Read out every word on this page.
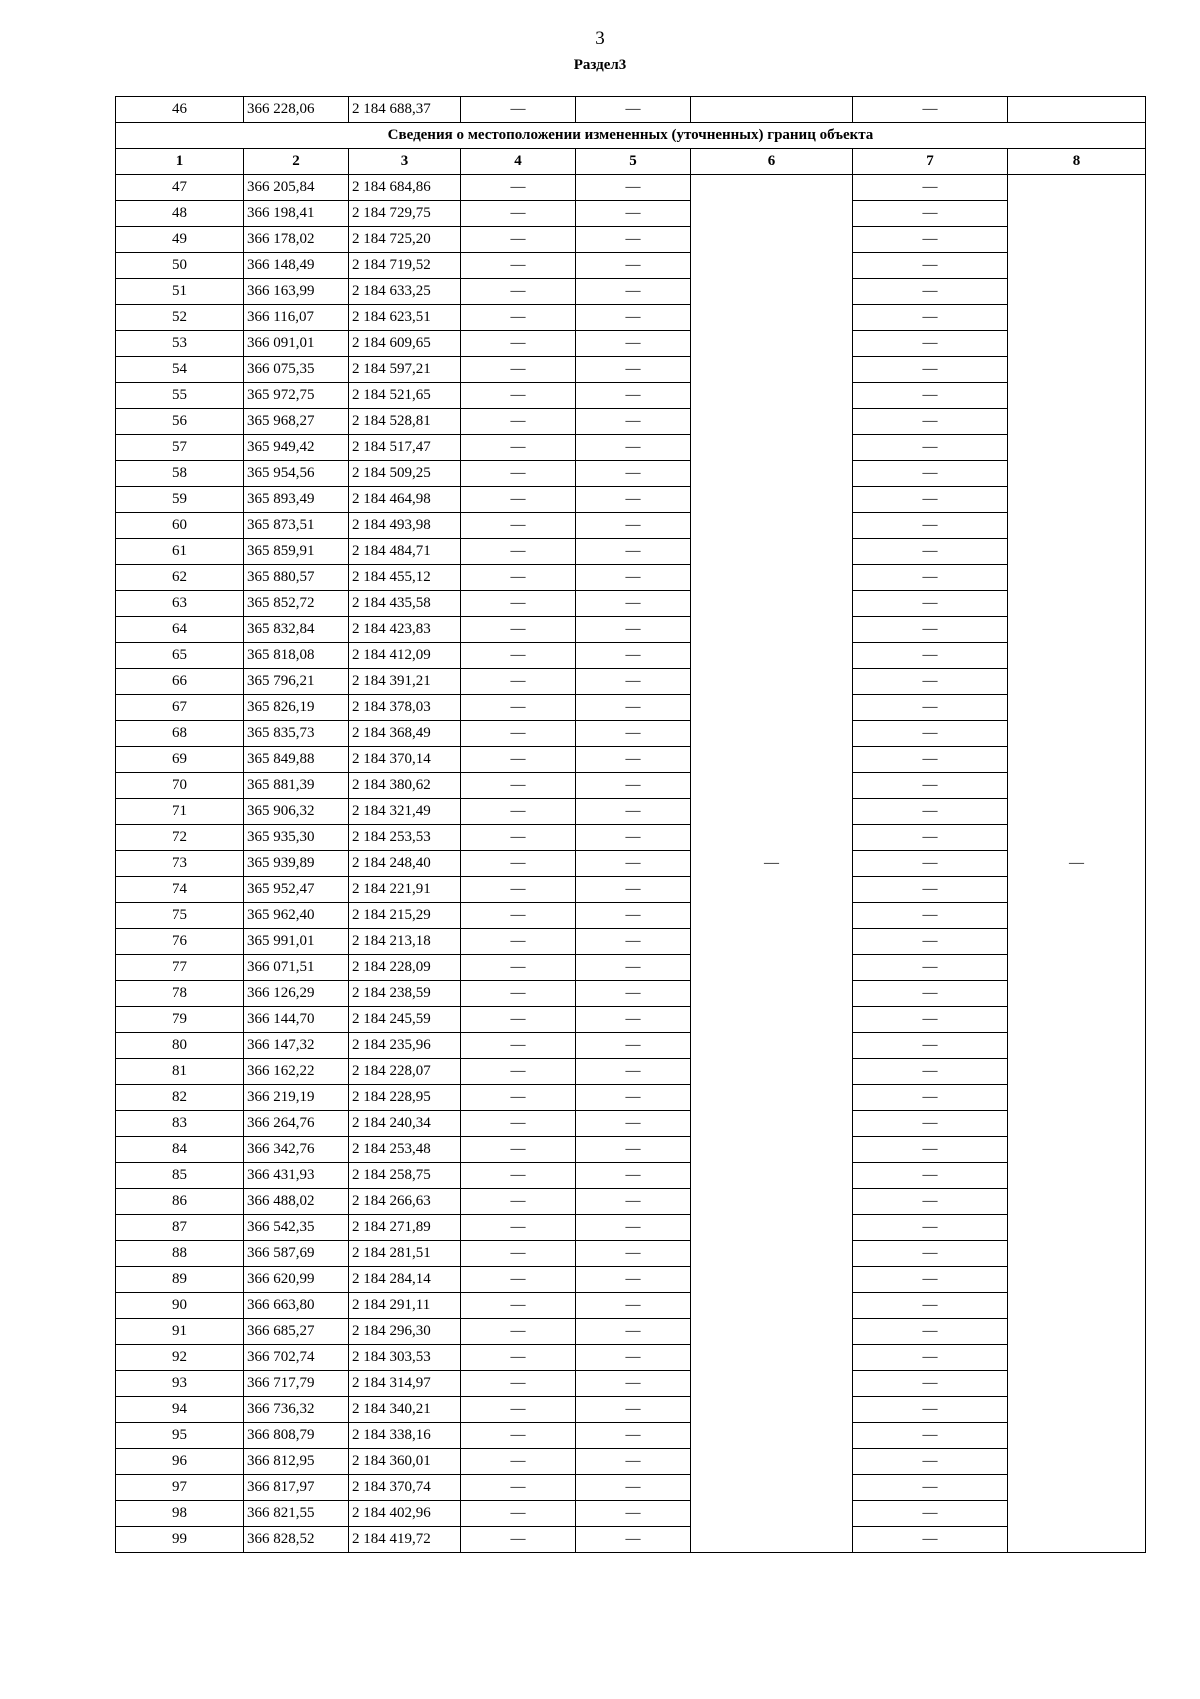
3
Раздел3
46	366 228,06	2 184 688,37	—	—		—	
Сведения о местоположении измененных (уточненных) границ объекта							
1	2	3	4	5	6	7	8
47	366 205,84	2 184 684,86	—	—	—	—	—
48	366 198,41	2 184 729,75	—	—		—	
49	366 178,02	2 184 725,20	—	—		—	
50	366 148,49	2 184 719,52	—	—		—	
51	366 163,99	2 184 633,25	—	—		—	
52	366 116,07	2 184 623,51	—	—		—	
53	366 091,01	2 184 609,65	—	—		—	
54	366 075,35	2 184 597,21	—	—		—	
55	365 972,75	2 184 521,65	—	—		—	
56	365 968,27	2 184 528,81	—	—		—	
57	365 949,42	2 184 517,47	—	—		—	
58	365 954,56	2 184 509,25	—	—		—	
59	365 893,49	2 184 464,98	—	—		—	
60	365 873,51	2 184 493,98	—	—		—	
61	365 859,91	2 184 484,71	—	—		—	
62	365 880,57	2 184 455,12	—	—		—	
63	365 852,72	2 184 435,58	—	—		—	
64	365 832,84	2 184 423,83	—	—		—	
65	365 818,08	2 184 412,09	—	—		—	
66	365 796,21	2 184 391,21	—	—		—	
67	365 826,19	2 184 378,03	—	—		—	
68	365 835,73	2 184 368,49	—	—		—	
69	365 849,88	2 184 370,14	—	—		—	
70	365 881,39	2 184 380,62	—	—		—	
71	365 906,32	2 184 321,49	—	—		—	
72	365 935,30	2 184 253,53	—	—		—	
73	365 939,89	2 184 248,40	—	—		—	
74	365 952,47	2 184 221,91	—	—		—	
75	365 962,40	2 184 215,29	—	—		—	
76	365 991,01	2 184 213,18	—	—		—	
77	366 071,51	2 184 228,09	—	—		—	
78	366 126,29	2 184 238,59	—	—		—	
79	366 144,70	2 184 245,59	—	—		—	
80	366 147,32	2 184 235,96	—	—		—	
81	366 162,22	2 184 228,07	—	—		—	
82	366 219,19	2 184 228,95	—	—		—	
83	366 264,76	2 184 240,34	—	—		—	
84	366 342,76	2 184 253,48	—	—		—	
85	366 431,93	2 184 258,75	—	—		—	
86	366 488,02	2 184 266,63	—	—		—	
87	366 542,35	2 184 271,89	—	—		—	
88	366 587,69	2 184 281,51	—	—		—	
89	366 620,99	2 184 284,14	—	—		—	
90	366 663,80	2 184 291,11	—	—		—	
91	366 685,27	2 184 296,30	—	—		—	
92	366 702,74	2 184 303,53	—	—		—	
93	366 717,79	2 184 314,97	—	—		—	
94	366 736,32	2 184 340,21	—	—		—	
95	366 808,79	2 184 338,16	—	—		—	
96	366 812,95	2 184 360,01	—	—		—	
97	366 817,97	2 184 370,74	—	—		—	
98	366 821,55	2 184 402,96	—	—		—	
99	366 828,52	2 184 419,72	—	—		—	
